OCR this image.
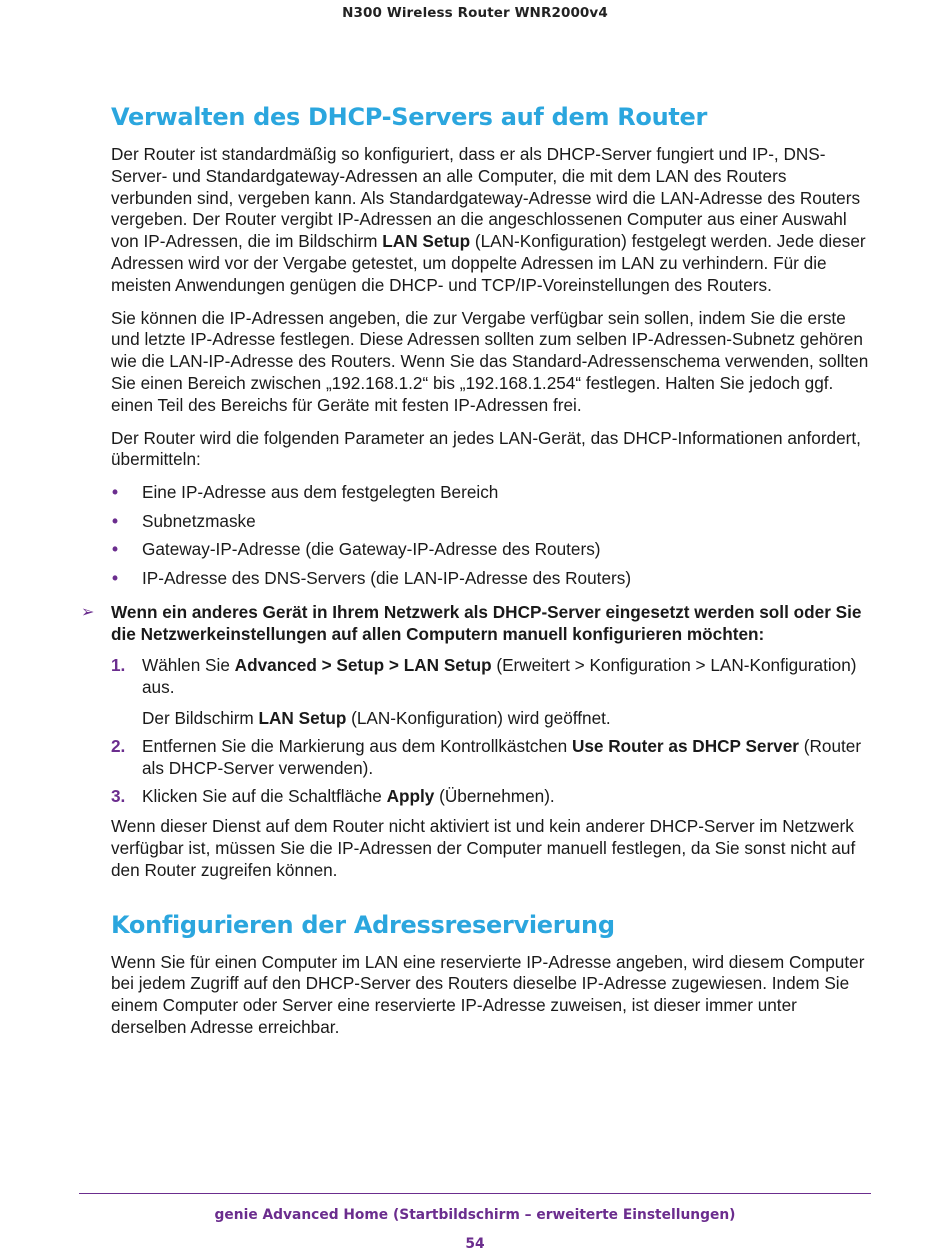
N300 Wireless Router WNR2000v4
Verwalten des DHCP-Servers auf dem Router

Der Router ist standardmäßig so konfiguriert, dass er als DHCP-Server fungiert und IP-, DNS-Server- und Standardgateway-Adressen an alle Computer, die mit dem LAN des Routers verbunden sind, vergeben kann. Als Standardgateway-Adresse wird die LAN-Adresse des Routers vergeben. Der Router vergibt IP-Adressen an die angeschlossenen Computer aus einer Auswahl von IP-Adressen, die im Bildschirm LAN Setup (LAN-Konfiguration) festgelegt werden. Jede dieser Adressen wird vor der Vergabe getestet, um doppelte Adressen im LAN zu verhindern. Für die meisten Anwendungen genügen die DHCP- und TCP/IP-Voreinstellungen des Routers.

Sie können die IP-Adressen angeben, die zur Vergabe verfügbar sein sollen, indem Sie die erste und letzte IP-Adresse festlegen. Diese Adressen sollten zum selben IP-Adressen-Subnetz gehören wie die LAN-IP-Adresse des Routers. Wenn Sie das Standard-Adressenschema verwenden, sollten Sie einen Bereich zwischen „192.168.1.2“ bis „192.168.1.254“ festlegen. Halten Sie jedoch ggf. einen Teil des Bereichs für Geräte mit festen IP-Adressen frei.

Der Router wird die folgenden Parameter an jedes LAN-Gerät, das DHCP-Informationen anfordert, übermitteln:

• Eine IP-Adresse aus dem festgelegten Bereich
• Subnetzmaske
• Gateway-IP-Adresse (die Gateway-IP-Adresse des Routers)
• IP-Adresse des DNS-Servers (die LAN-IP-Adresse des Routers)
➢ Wenn ein anderes Gerät in Ihrem Netzwerk als DHCP-Server eingesetzt werden soll oder Sie die Netzwerkeinstellungen auf allen Computern manuell konfigurieren möchten:
1. Wählen Sie Advanced > Setup > LAN Setup (Erweitert > Konfiguration > LAN-Konfiguration) aus.
Der Bildschirm LAN Setup (LAN-Konfiguration) wird geöffnet.
2. Entfernen Sie die Markierung aus dem Kontrollkästchen Use Router as DHCP Server (Router als DHCP-Server verwenden).
3. Klicken Sie auf die Schaltfläche Apply (Übernehmen).

Wenn dieser Dienst auf dem Router nicht aktiviert ist und kein anderer DHCP-Server im Netzwerk verfügbar ist, müssen Sie die IP-Adressen der Computer manuell festlegen, da Sie sonst nicht auf den Router zugreifen können.

Konfigurieren der Adressreservierung

Wenn Sie für einen Computer im LAN eine reservierte IP-Adresse angeben, wird diesem Computer bei jedem Zugriff auf den DHCP-Server des Routers dieselbe IP-Adresse zugewiesen. Indem Sie einem Computer oder Server eine reservierte IP-Adresse zuweisen, ist dieser immer unter derselben Adresse erreichbar.

genie Advanced Home (Startbildschirm – erweiterte Einstellungen)
54
